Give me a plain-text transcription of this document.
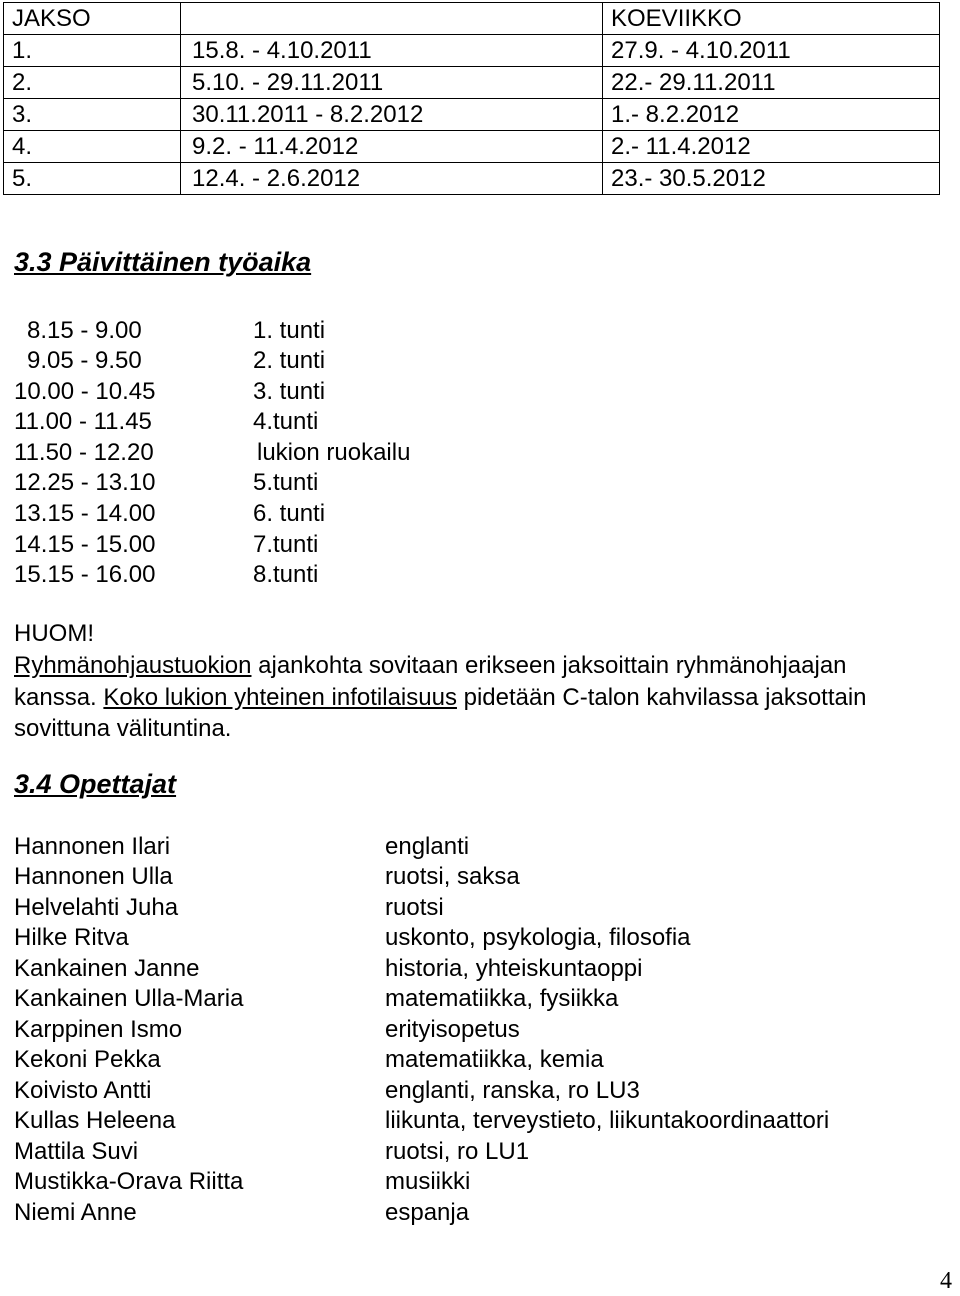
JAKSO		KOEVIIKKO
1.	15.8. - 4.10.2011	27.9. - 4.10.2011
2.	5.10. - 29.11.2011	22.- 29.11.2011
3.	30.11.2011 - 8.2.2012	1.- 8.2.2012
4.	9.2. - 11.4.2012	2.- 11.4.2012
5.	12.4. - 2.6.2012	23.- 30.5.2012
3.3 Päivittäinen työaika
8.15 - 9.00	1. tunti
9.05 - 9.50	2. tunti
10.00 - 10.45	3. tunti
11.00 - 11.45	4.tunti
11.50 - 12.20	lukion ruokailu
12.25 - 13.10	5.tunti
13.15 - 14.00	6. tunti
14.15 - 15.00	7.tunti
15.15 - 16.00	8.tunti
HUOM!
Ryhmänohjaustuokion ajankohta sovitaan erikseen jaksoittain ryhmänohjaajan
kanssa. Koko lukion yhteinen infotilaisuus pidetään C-talon kahvilassa jaksottain
sovittuna välituntina.
3.4 Opettajat
Hannonen Ilari	englanti
Hannonen Ulla	ruotsi, saksa
Helvelahti Juha	ruotsi
Hilke Ritva	uskonto, psykologia, filosofia
Kankainen Janne	historia, yhteiskuntaoppi
Kankainen Ulla-Maria	matematiikka, fysiikka
Karppinen Ismo	erityisopetus
Kekoni Pekka	matematiikka, kemia
Koivisto Antti	englanti, ranska, ro LU3
Kullas Heleena	liikunta, terveystieto, liikuntakoordinaattori
Mattila Suvi	ruotsi, ro LU1
Mustikka-Orava Riitta	musiikki
Niemi Anne	espanja
4
